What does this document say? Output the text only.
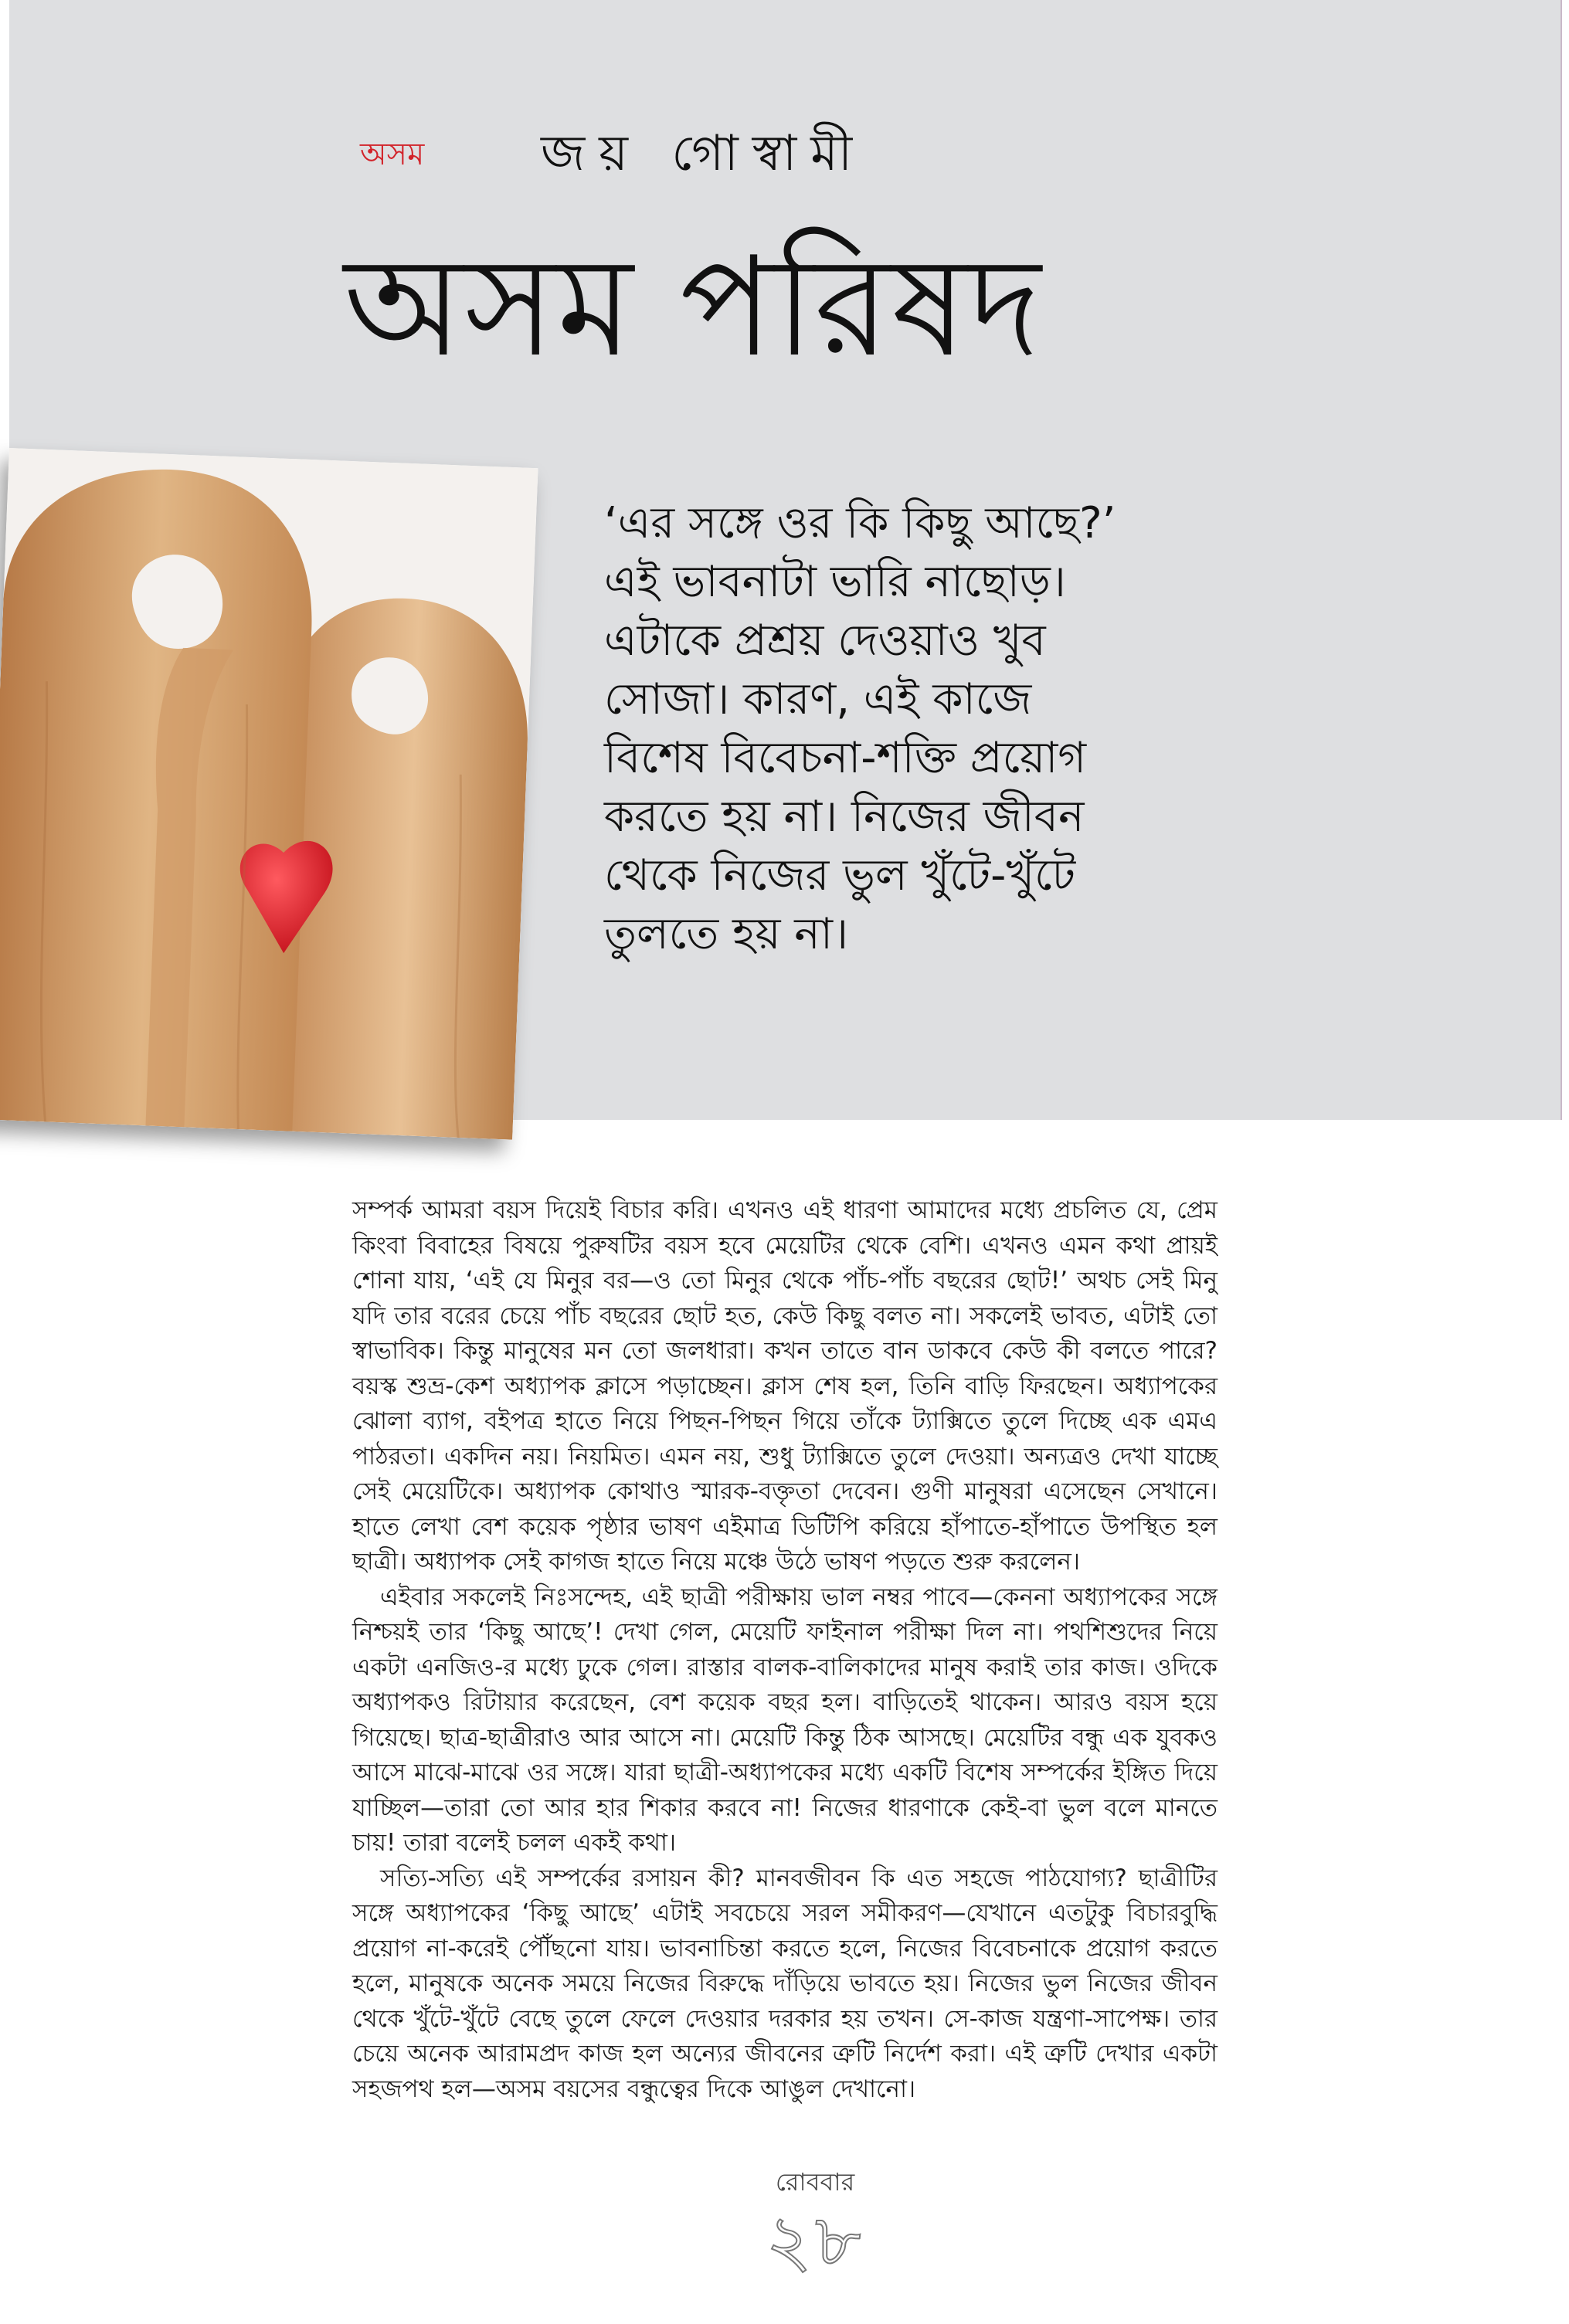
অসম জয় গোস্বামী
অসম পরিষদ
‘এর সঙ্গে ওর কি কিছু আছে?’
এই ভাবনাটা ভারি নাছোড়।
এটাকে প্রশ্রয় দেওয়াও খুব
সোজা। কারণ, এই কাজে
বিশেষ বিবেচনা-শক্তি প্রয়োগ
করতে হয় না। নিজের জীবন
থেকে নিজের ভুল খুঁটে-খুঁটে
তুলতে হয় না।

সম্পর্ক আমরা বয়স দিয়েই বিচার করি। এখনও এই ধারণা আমাদের মধ্যে প্রচলিত যে, প্রেম কিংবা বিবাহের বিষয়ে পুরুষটির বয়স হবে মেয়েটির থেকে বেশি। এখনও এমন কথা প্রায়ই শোনা যায়, ‘এই যে মিনুর বর—ও তো মিনুর থেকে পাঁচ-পাঁচ বছরের ছোট!’ অথচ সেই মিনু যদি তার বরের চেয়ে পাঁচ বছরের ছোট হত, কেউ কিছু বলত না। সকলেই ভাবত, এটাই তো স্বাভাবিক। কিন্তু মানুষের মন তো জলধারা। কখন তাতে বান ডাকবে কেউ কী বলতে পারে? বয়স্ক শুভ্র-কেশ অধ্যাপক ক্লাসে পড়াচ্ছেন। ক্লাস শেষ হল, তিনি বাড়ি ফিরছেন। অধ্যাপকের ঝোলা ব্যাগ, বইপত্র হাতে নিয়ে পিছন-পিছন গিয়ে তাঁকে ট্যাক্সিতে তুলে দিচ্ছে এক এমএ পাঠরতা। একদিন নয়। নিয়মিত। এমন নয়, শুধু ট্যাক্সিতে তুলে দেওয়া। অন্যত্রও দেখা যাচ্ছে সেই মেয়েটিকে। অধ্যাপক কোথাও স্মারক-বক্তৃতা দেবেন। গুণী মানুষরা এসেছেন সেখানে। হাতে লেখা বেশ কয়েক পৃষ্ঠার ভাষণ এইমাত্র ডিটিপি করিয়ে হাঁপাতে-হাঁপাতে উপস্থিত হল ছাত্রী। অধ্যাপক সেই কাগজ হাতে নিয়ে মঞ্চে উঠে ভাষণ পড়তে শুরু করলেন।

এইবার সকলেই নিঃসন্দেহ, এই ছাত্রী পরীক্ষায় ভাল নম্বর পাবে—কেননা অধ্যাপকের সঙ্গে নিশ্চয়ই তার ‘কিছু আছে’! দেখা গেল, মেয়েটি ফাইনাল পরীক্ষা দিল না। পথশিশুদের নিয়ে একটা এনজিও-র মধ্যে ঢুকে গেল। রাস্তার বালক-বালিকাদের মানুষ করাই তার কাজ। ওদিকে অধ্যাপকও রিটায়ার করেছেন, বেশ কয়েক বছর হল। বাড়িতেই থাকেন। আরও বয়স হয়ে গিয়েছে। ছাত্র-ছাত্রীরাও আর আসে না। মেয়েটি কিন্তু ঠিক আসছে। মেয়েটির বন্ধু এক যুবকও আসে মাঝে-মাঝে ওর সঙ্গে। যারা ছাত্রী-অধ্যাপকের মধ্যে একটি বিশেষ সম্পর্কের ইঙ্গিত দিয়ে যাচ্ছিল—তারা তো আর হার শিকার করবে না! নিজের ধারণাকে কেই-বা ভুল বলে মানতে চায়! তারা বলেই চলল একই কথা।

সত্যি-সত্যি এই সম্পর্কের রসায়ন কী? মানবজীবন কি এত সহজে পাঠযোগ্য? ছাত্রীটির সঙ্গে অধ্যাপকের ‘কিছু আছে’ এটাই সবচেয়ে সরল সমীকরণ—যেখানে এতটুকু বিচারবুদ্ধি প্রয়োগ না-করেই পৌঁছনো যায়। ভাবনাচিন্তা করতে হলে, নিজের বিবেচনাকে প্রয়োগ করতে হলে, মানুষকে অনেক সময়ে নিজের বিরুদ্ধে দাঁড়িয়ে ভাবতে হয়। নিজের ভুল নিজের জীবন থেকে খুঁটে-খুঁটে বেছে তুলে ফেলে দেওয়ার দরকার হয় তখন। সে-কাজ যন্ত্রণা-সাপেক্ষ। তার চেয়ে অনেক আরামপ্রদ কাজ হল অন্যের জীবনের ত্রুটি নির্দেশ করা। এই ত্রুটি দেখার একটা সহজপথ হল—অসম বয়সের বন্ধুত্বের দিকে আঙুল দেখানো।

রোববার
২৮
